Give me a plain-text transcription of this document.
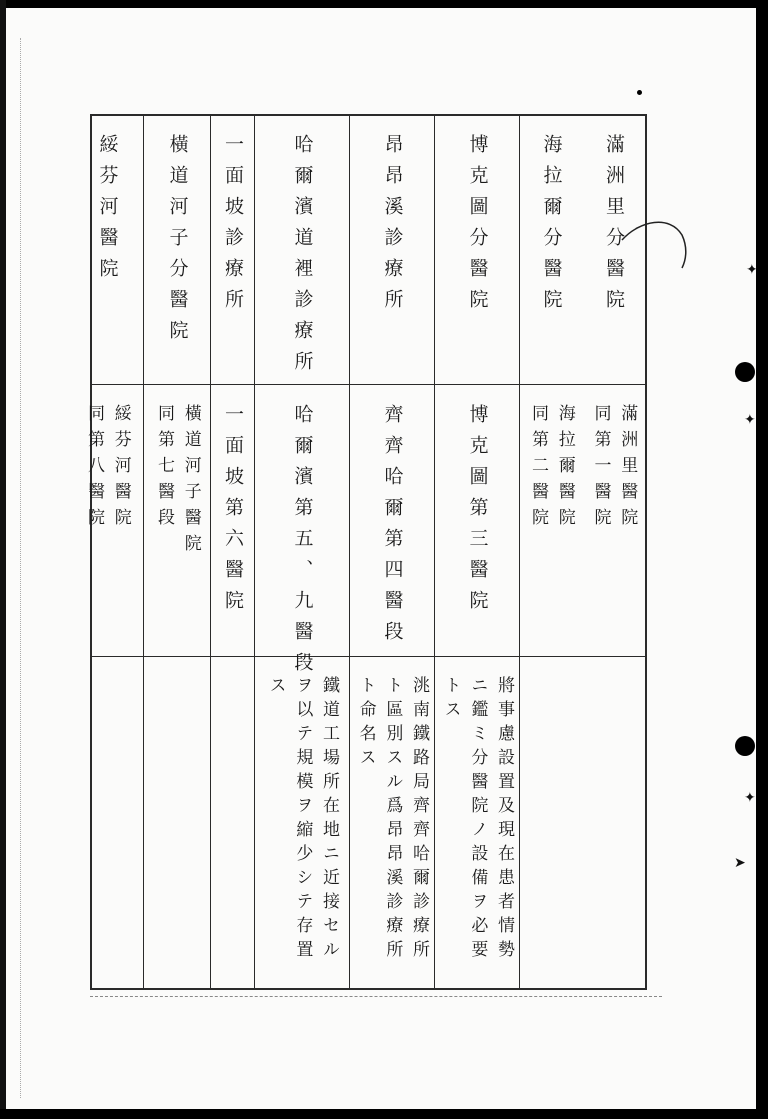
滿洲里分醫院
滿洲里醫院
同第一醫院
海拉爾分醫院
海拉爾醫院
同第二醫院
博克圖分醫院
博克圖第三醫院
將事慮設置及現在患者情勢
ニ鑑ミ分醫院ノ設備ヲ必要
トス
昂昂溪診療所
齊齊哈爾第四醫段
洮南鐵路局齊齊哈爾診療所
ト區別スル爲昂昂溪診療所
ト命名ス
哈爾濱道裡診療所
哈爾濱第五、九醫段
鐵道工場所在地ニ近接セル
ヲ以テ規模ヲ縮少シテ存置
ス
一面坡診療所
一面坡第六醫院
橫道河子分醫院
橫道河子醫院
同第七醫段
綏芬河醫院
綏芬河醫院
同第八醫院
✦
✦
✦
➤
